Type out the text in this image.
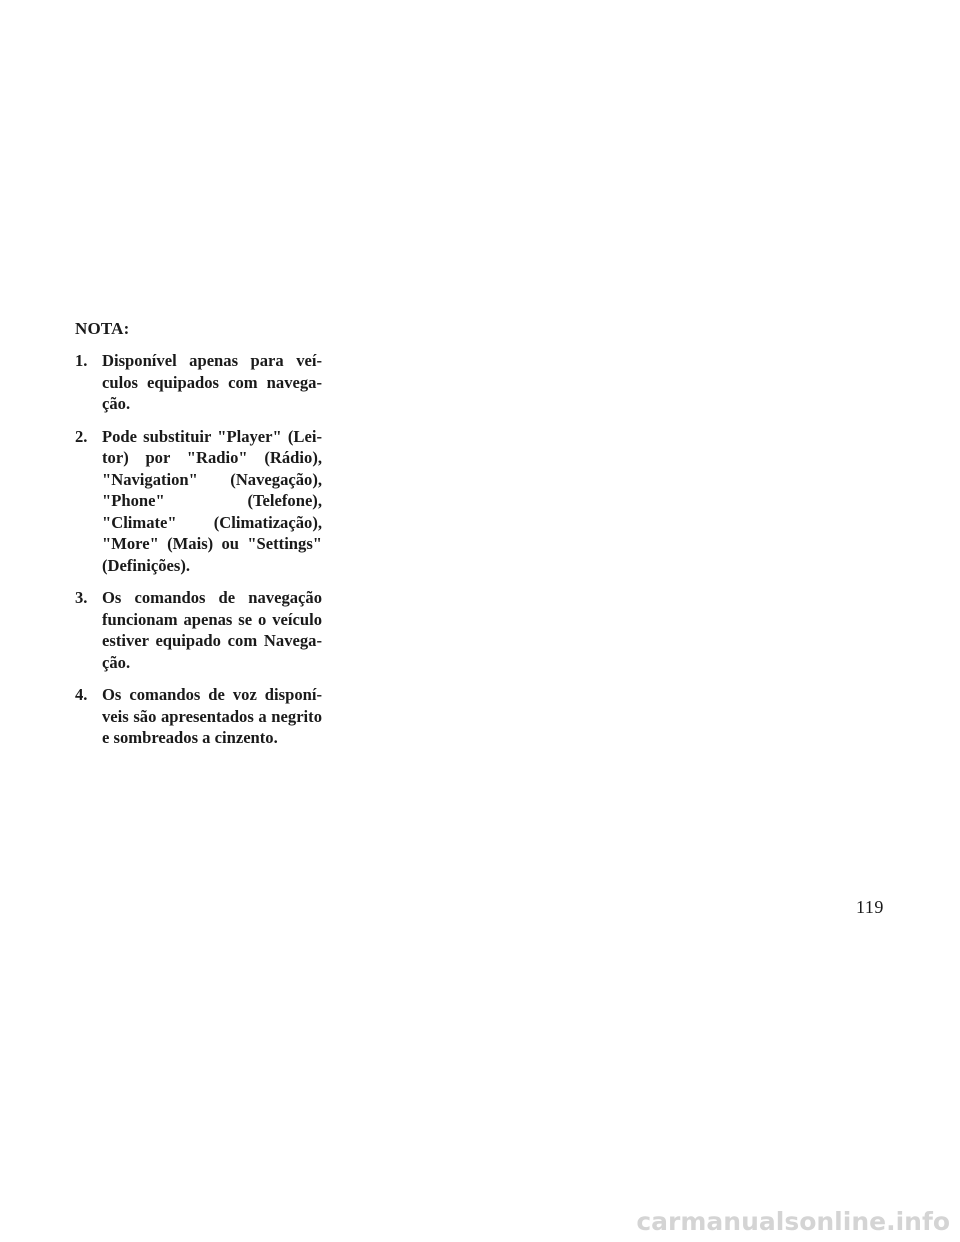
NOTA:
1. Disponível apenas para veículos equipados com navegação.
2. Pode substituir "Player" (Leitor) por "Radio" (Rádio), "Navigation" (Navegação), "Phone" (Telefone), "Climate" (Climatização), "More" (Mais) ou "Settings" (Definições).
3. Os comandos de navegação funcionam apenas se o veículo estiver equipado com Navegação.
4. Os comandos de voz disponíveis são apresentados a negrito e sombreados a cinzento.
119
carmanualsonline.info
